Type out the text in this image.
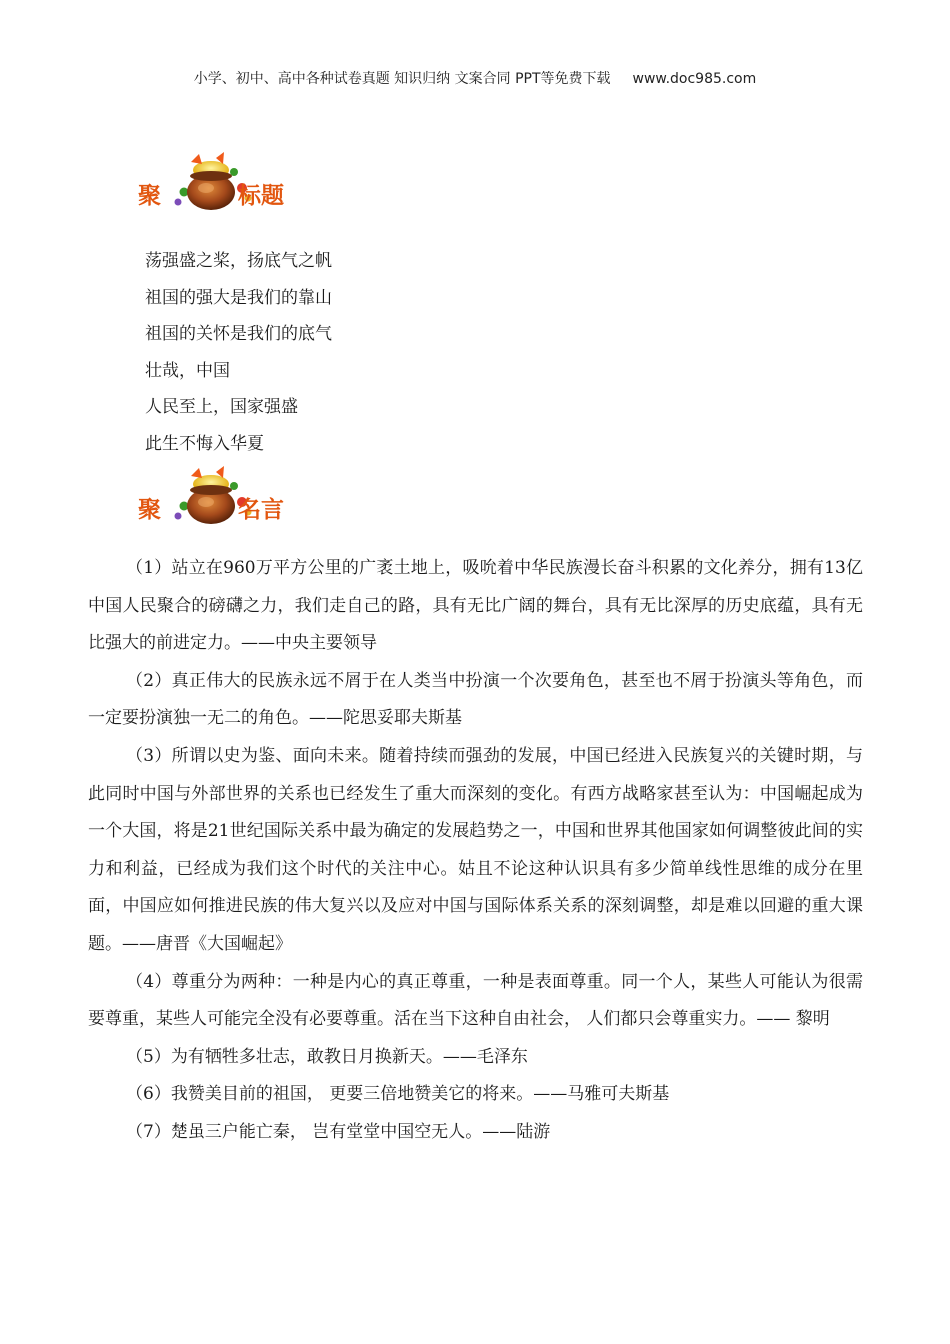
小学、初中、高中各种试卷真题 知识归纳 文案合同 PPT等免费下载 www.doc985.com
聚	标题
荡强盛之桨，扬底气之帆
祖国的强大是我们的靠山
祖国的关怀是我们的底气
壮哉，中国
人民至上，国家强盛
此生不悔入华夏
聚	名言

（1）站立在960万平方公里的广袤土地上，吸吮着中华民族漫长奋斗积累的文化养分，拥有13亿中国人民聚合的磅礴之力，我们走自己的路，具有无比广阔的舞台，具有无比深厚的历史底蕴，具有无比强大的前进定力。——中央主要领导

（2）真正伟大的民族永远不屑于在人类当中扮演一个次要角色，甚至也不屑于扮演头等角色，而一定要扮演独一无二的角色。——陀思妥耶夫斯基

（3）所谓以史为鉴、面向未来。随着持续而强劲的发展，中国已经进入民族复兴的关键时期，与此同时中国与外部世界的关系也已经发生了重大而深刻的变化。有西方战略家甚至认为：中国崛起成为一个大国，将是21世纪国际关系中最为确定的发展趋势之一，中国和世界其他国家如何调整彼此间的实力和利益，已经成为我们这个时代的关注中心。姑且不论这种认识具有多少简单线性思维的成分在里面，中国应如何推进民族的伟大复兴以及应对中国与国际体系关系的深刻调整，却是难以回避的重大课题。——唐晋《大国崛起》

（4）尊重分为两种：一种是内心的真正尊重，一种是表面尊重。同一个人，某些人可能认为很需要尊重，某些人可能完全没有必要尊重。活在当下这种自由社会， 人们都只会尊重实力。—— 黎明

（5）为有牺牲多壮志，敢教日月换新天。——毛泽东

（6）我赞美目前的祖国， 更要三倍地赞美它的将来。——马雅可夫斯基

（7）楚虽三户能亡秦， 岂有堂堂中国空无人。——陆游
